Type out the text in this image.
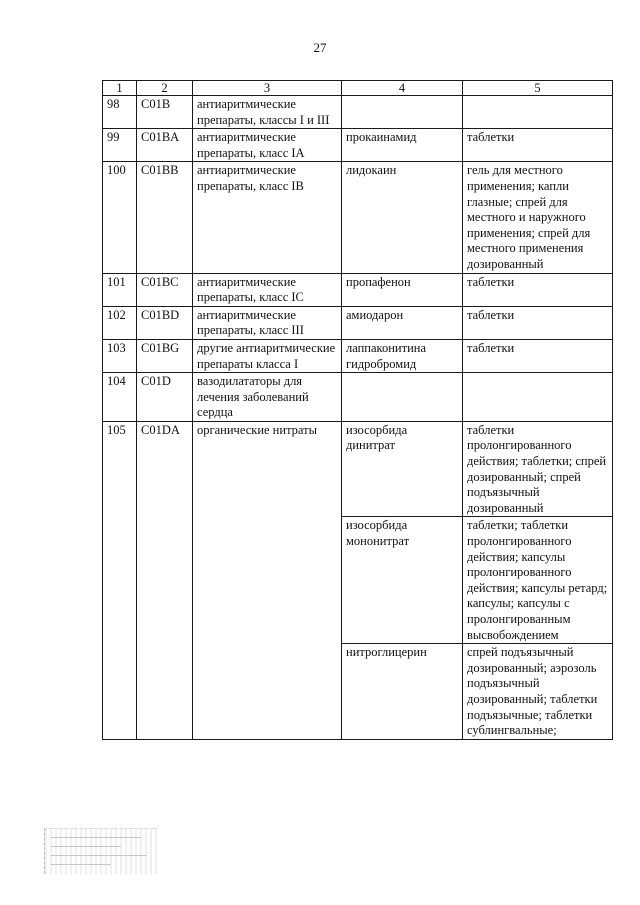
27
1	2	3	4	5
98	C01B	антиаритмические препараты, классы I и III		
99	C01BA	антиаритмические препараты, класс IA	прокаинамид	таблетки
100	C01BB	антиаритмические препараты, класс IB	лидокаин	гель для местного применения; капли глазные; спрей для местного и наружного применения; спрей для местного применения дозированный
101	C01BC	антиаритмические препараты, класс IC	пропафенон	таблетки
102	C01BD	антиаритмические препараты, класс III	амиодарон	таблетки
103	C01BG	другие антиаритмические препараты класса I	лаппаконитина гидробромид	таблетки
104	C01D	вазодилататоры для лечения заболеваний сердца		
105	C01DA	органические нитраты	изосорбида динитрат	таблетки пролонгированного действия; таблетки; спрей дозированный; спрей подъязычный дозированный
			изосорбида мононитрат	таблетки; таблетки пролонгированного действия; капсулы пролонгированного действия; капсулы ретард; капсулы; капсулы с пролонгированным высвобождением
			нитроглицерин	спрей подъязычный дозированный; аэрозоль подъязычный дозированный; таблетки подъязычные; таблетки сублингвальные;
